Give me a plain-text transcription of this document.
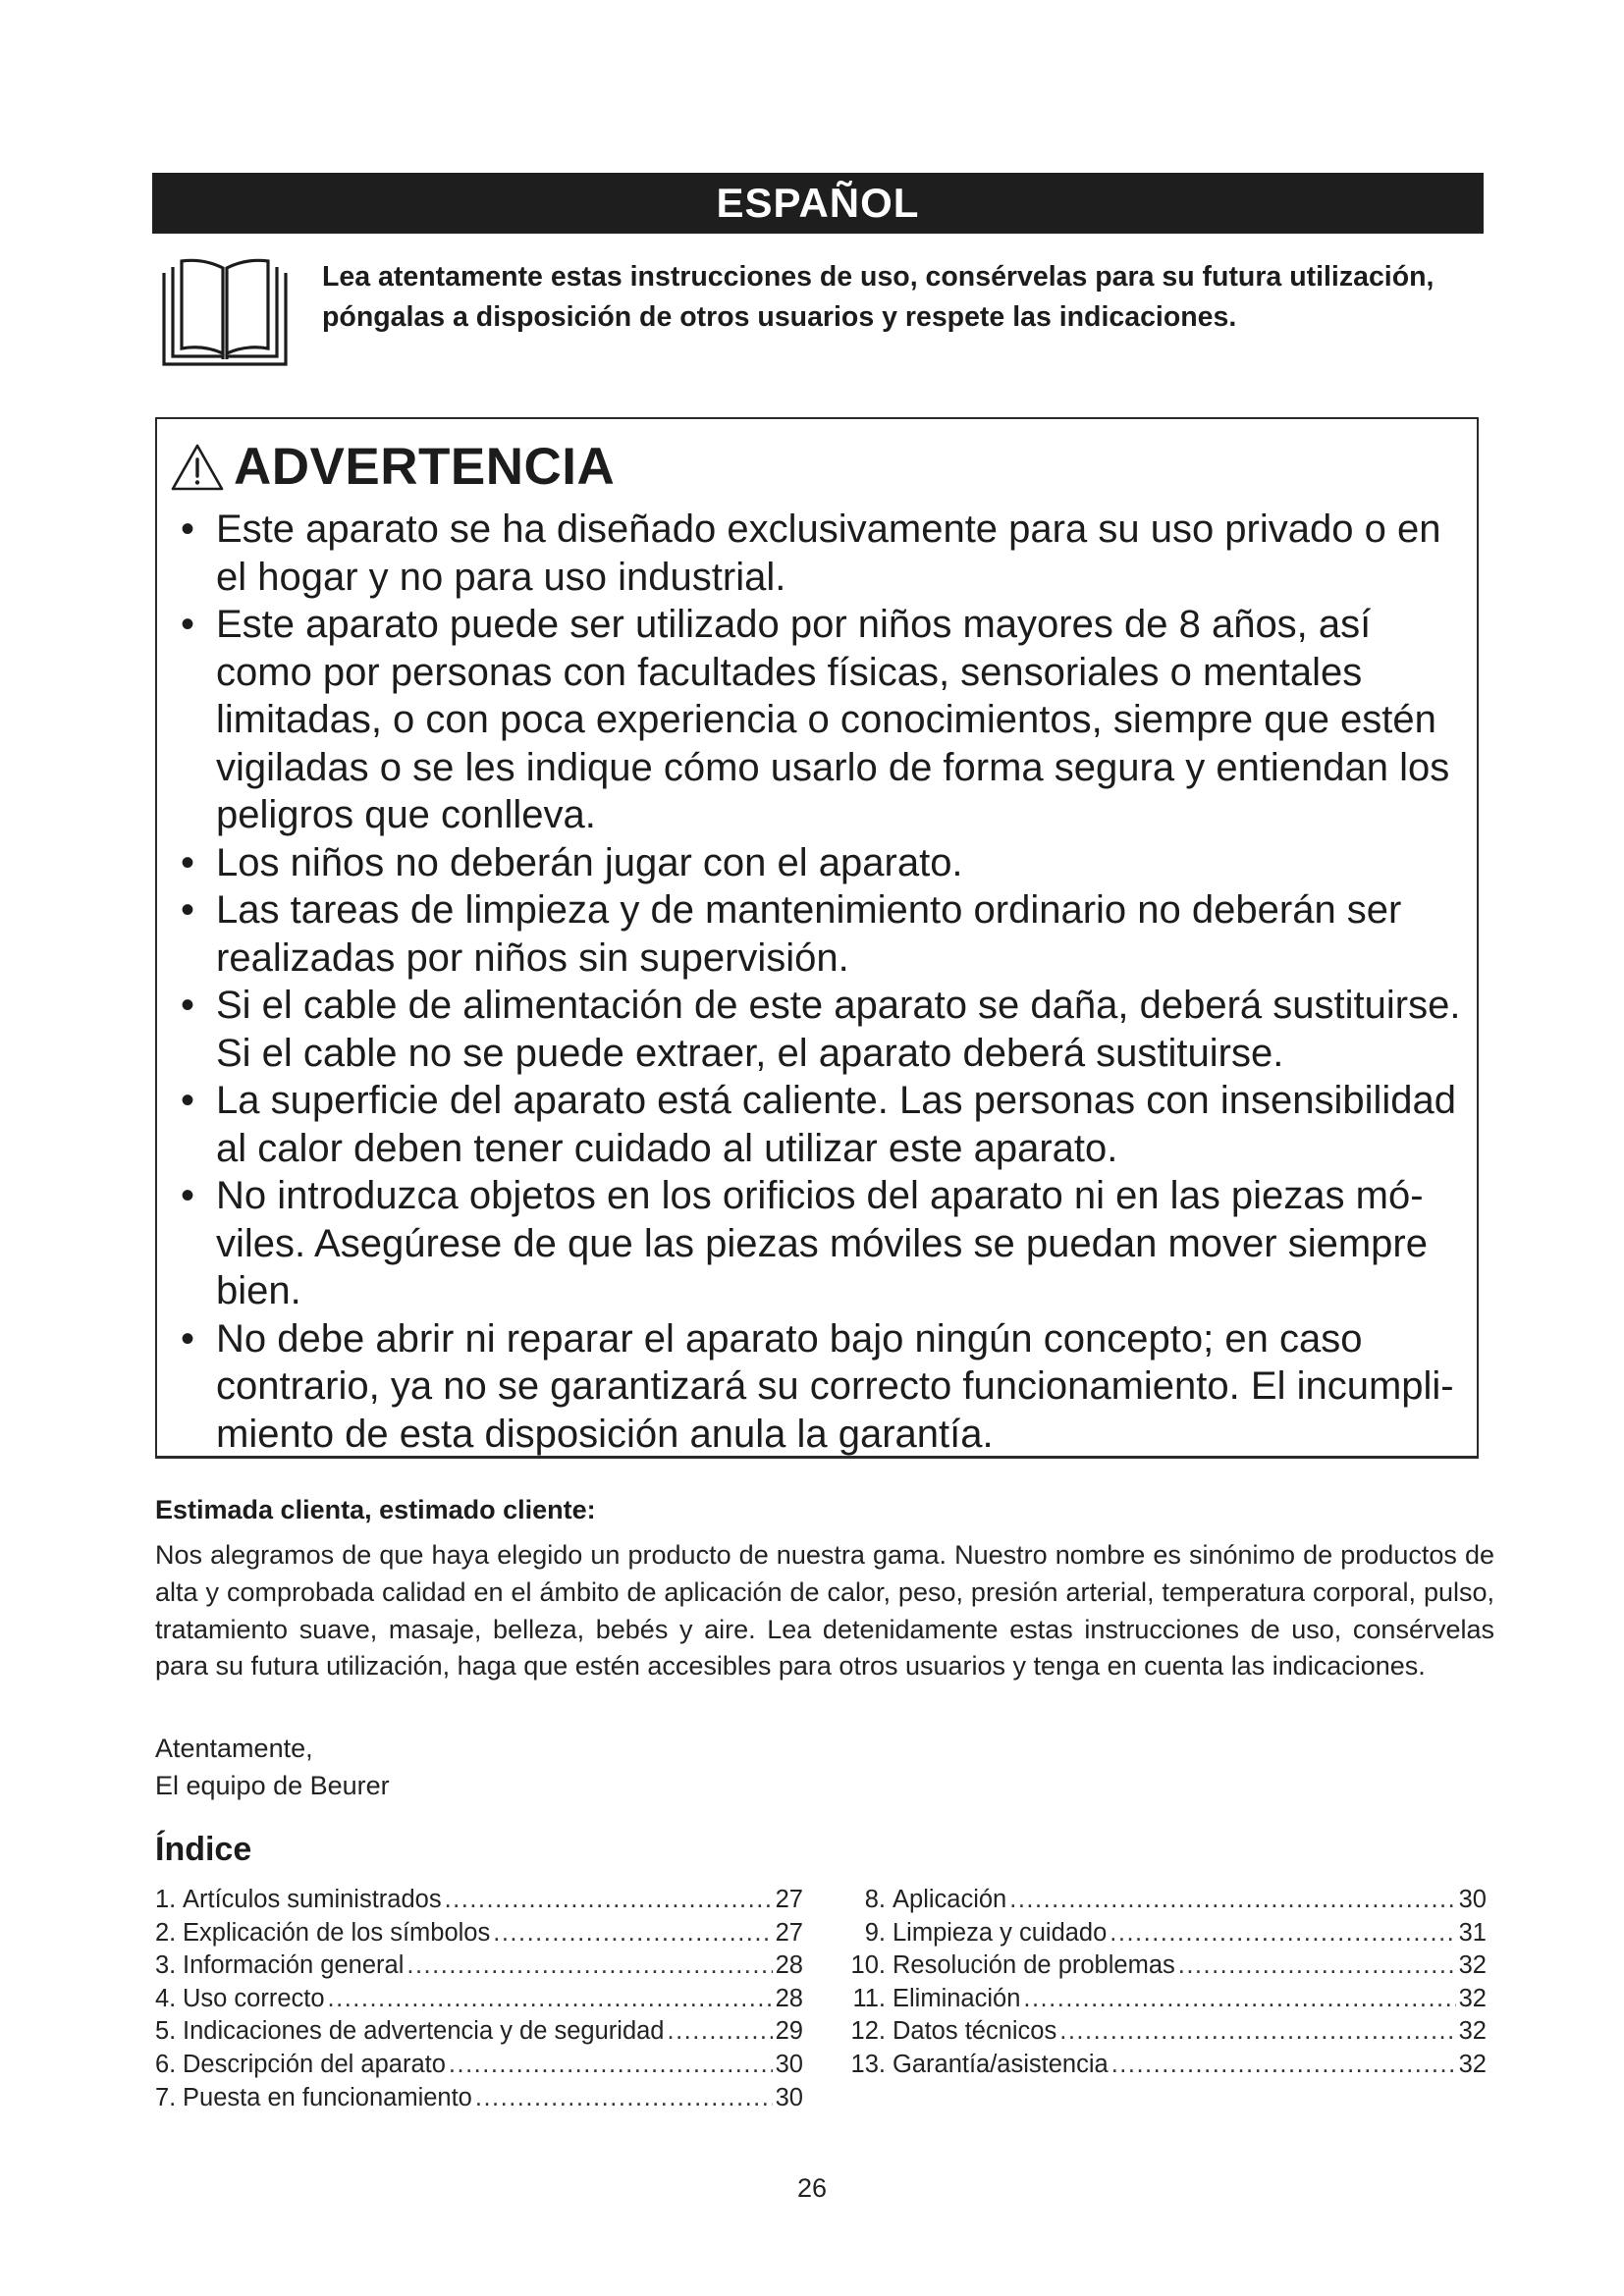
ESPAÑOL
Lea atentamente estas instrucciones de uso, consérvelas para su futura utilización, póngalas a disposición de otros usuarios y respete las indicaciones.
ADVERTENCIA
• Este aparato se ha diseñado exclusivamente para su uso privado o en el hogar y no para uso industrial.
• Este aparato puede ser utilizado por niños mayores de 8 años, así como por personas con facultades físicas, sensoriales o mentales limitadas, o con poca experiencia o conocimientos, siempre que estén vigiladas o se les indique cómo usarlo de forma segura y entiendan los peligros que conlleva.
• Los niños no deberán jugar con el aparato.
• Las tareas de limpieza y de mantenimiento ordinario no deberán ser realizadas por niños sin supervisión.
• Si el cable de alimentación de este aparato se daña, deberá sustituirse. Si el cable no se puede extraer, el aparato deberá sustituirse.
• La superficie del aparato está caliente. Las personas con insensibilidad al calor deben tener cuidado al utilizar este aparato.
• No introduzca objetos en los orificios del aparato ni en las piezas mó-viles. Asegúrese de que las piezas móviles se puedan mover siempre bien.
• No debe abrir ni reparar el aparato bajo ningún concepto; en caso contrario, ya no se garantizará su correcto funcionamiento. El incumpli-miento de esta disposición anula la garantía.
Estimada clienta, estimado cliente:
Nos alegramos de que haya elegido un producto de nuestra gama. Nuestro nombre es sinónimo de productos de alta y comprobada calidad en el ámbito de aplicación de calor, peso, presión arterial, temperatura corporal, pulso, tratamiento suave, masaje, belleza, bebés y aire. Lea detenidamente estas instrucciones de uso, consérvelas para su futura utilización, haga que estén accesibles para otros usuarios y tenga en cuenta las indicaciones.
Atentamente,
El equipo de Beurer
Índice
1. Artículos suministrados .....	27
2. Explicación de los símbolos .....	27
3. Información general .....	28
4. Uso correcto .....	28
5. Indicaciones de advertencia y de seguridad .....	29
6. Descripción del aparato .....	30
7. Puesta en funcionamiento .....	30
8. Aplicación .....	30
9. Limpieza y cuidado .....	31
10. Resolución de problemas .....	32
11. Eliminación .....	32
12. Datos técnicos .....	32
13. Garantía/asistencia .....	32
26
